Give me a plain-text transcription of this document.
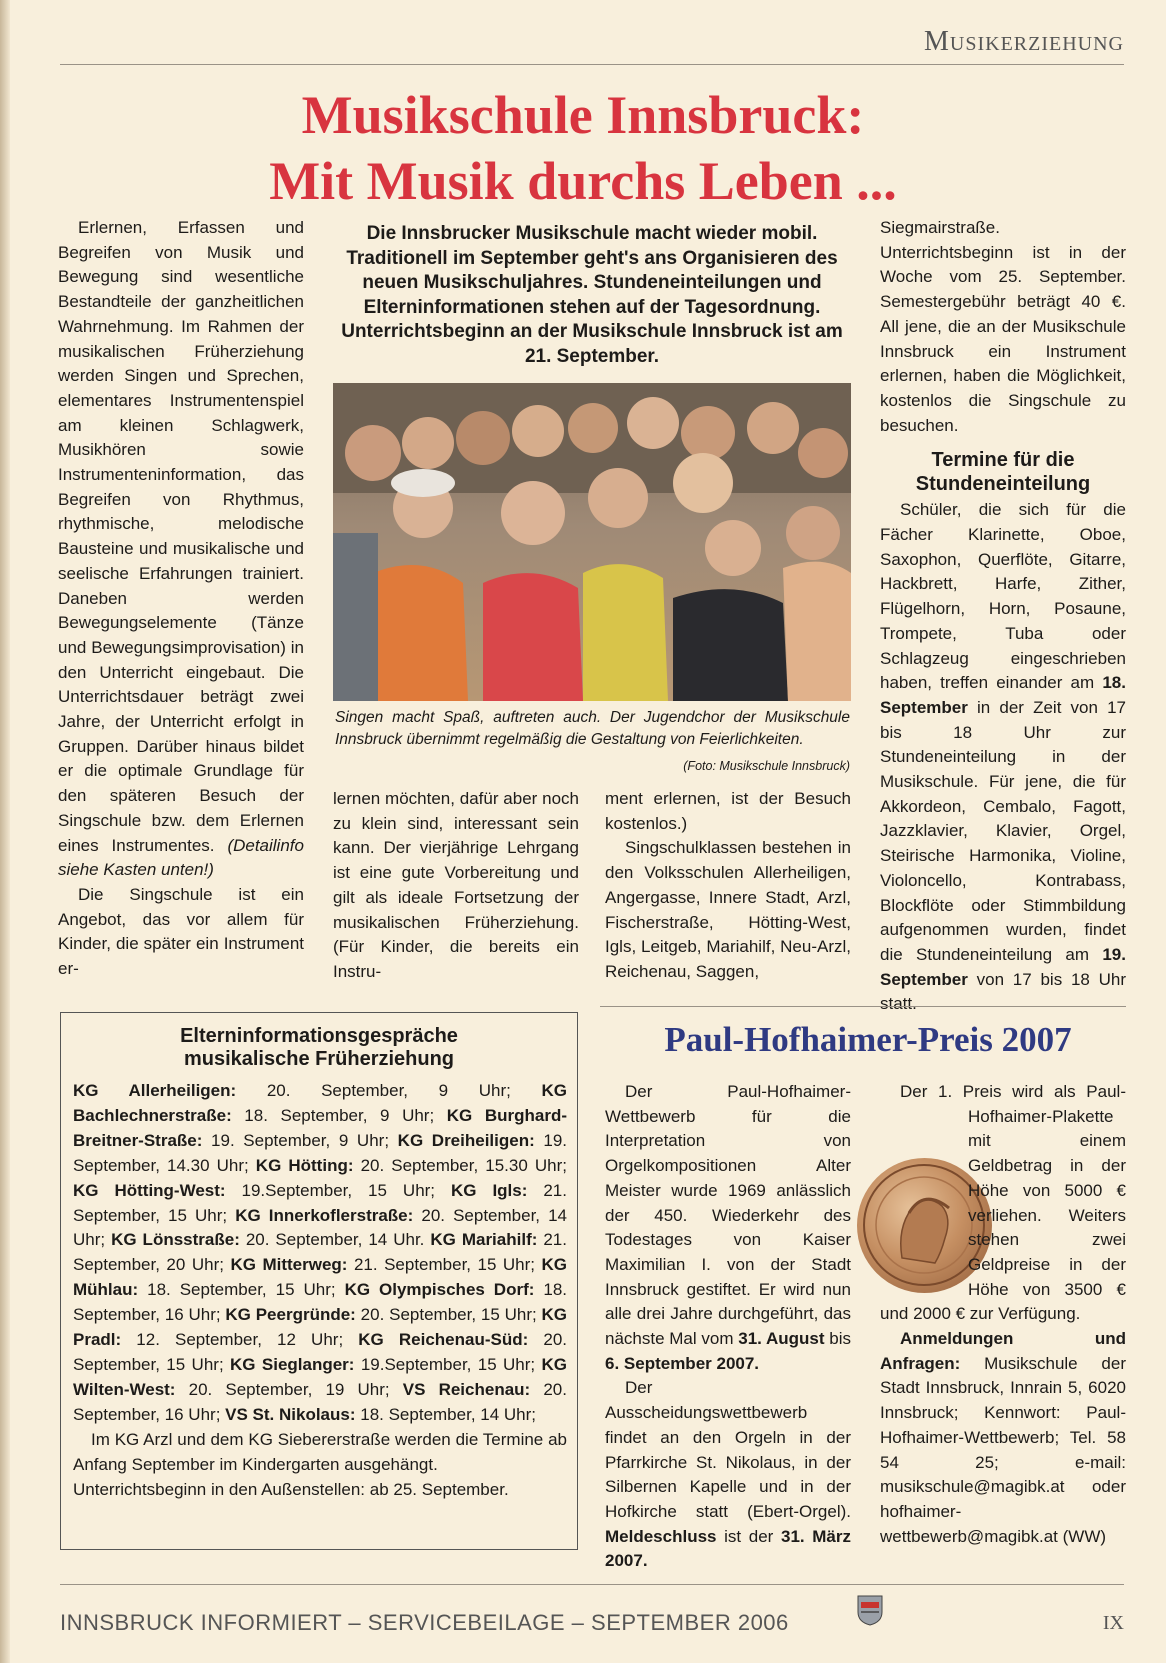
Musikerziehung
Musikschule Innsbruck:
Mit Musik durchs Leben ...

Erlernen, Erfassen und Begreifen von Musik und Bewegung sind wesentliche Bestandteile der ganzheitlichen Wahrnehmung. Im Rahmen der musikalischen Früherziehung werden Singen und Sprechen, elementares Instrumentenspiel am kleinen Schlagwerk, Musikhören sowie Instrumenteninformation, das Begreifen von Rhythmus, rhythmische, melodische Bausteine und musikalische und seelische Erfahrungen trainiert. Daneben werden Bewegungselemente (Tänze und Bewegungsimprovisation) in den Unterricht eingebaut. Die Unterrichtsdauer beträgt zwei Jahre, der Unterricht erfolgt in Gruppen. Darüber hinaus bildet er die optimale Grundlage für den späteren Besuch der Singschule bzw. dem Erlernen eines Instrumentes. (Detailinfo siehe Kasten unten!)

Die Singschule ist ein Angebot, das vor allem für Kinder, die später ein Instrument er-

Die Innsbrucker Musikschule macht wieder mobil. Traditionell im September geht's ans Organisieren des neuen Musikschuljahres. Stundeneinteilungen und Elterninformationen stehen auf der Tagesordnung. Unterrichtsbeginn an der Musikschule Innsbruck ist am 21. September.
Singen macht Spaß, auftreten auch. Der Jugendchor der Musikschule Innsbruck übernimmt regelmäßig die Gestaltung von Feierlichkeiten.
(Foto: Musikschule Innsbruck)

lernen möchten, dafür aber noch zu klein sind, interessant sein kann. Der vierjährige Lehrgang ist eine gute Vorbereitung und gilt als ideale Fortsetzung der musikalischen Früherziehung. (Für Kinder, die bereits ein Instru-

ment erlernen, ist der Besuch kostenlos.)

Singschulklassen bestehen in den Volksschulen Allerheiligen, Angergasse, Innere Stadt, Arzl, Fischerstraße, Hötting-West, Igls, Leitgeb, Mariahilf, Neu-Arzl, Reichenau, Saggen,

Siegmairstraße. Unterrichtsbeginn ist in der Woche vom 25. September. Semestergebühr beträgt 40 €. All jene, die an der Musikschule Innsbruck ein Instrument erlernen, haben die Möglichkeit, kostenlos die Singschule zu besuchen.

Termine für die Stundeneinteilung

Schüler, die sich für die Fächer Klarinette, Oboe, Saxophon, Querflöte, Gitarre, Hackbrett, Harfe, Zither, Flügelhorn, Horn, Posaune, Trompete, Tuba oder Schlagzeug eingeschrieben haben, treffen einander am 18. September in der Zeit von 17 bis 18 Uhr zur Stundeneinteilung in der Musikschule. Für jene, die für Akkordeon, Cembalo, Fagott, Jazzklavier, Klavier, Orgel, Steirische Harmonika, Violine, Violoncello, Kontrabass, Blockflöte oder Stimmbildung aufgenommen wurden, findet die Stundeneinteilung am 19. September von 17 bis 18 Uhr statt.

Elterninformationsgespräche
musikalische Früherziehung
KG Allerheiligen: 20. September, 9 Uhr; KG Bachlechnerstraße: 18. September, 9 Uhr; KG Burghard-Breitner-Straße: 19. September, 9 Uhr; KG Dreiheiligen: 19. September, 14.30 Uhr; KG Hötting: 20. September, 15.30 Uhr; KG Hötting-West: 19.September, 15 Uhr; KG Igls: 21. September, 15 Uhr; KG Innerkoflerstraße: 20. September, 14 Uhr; KG Lönsstraße: 20. September, 14 Uhr. KG Mariahilf: 21. September, 20 Uhr; KG Mitterweg: 21. September, 15 Uhr; KG Mühlau: 18. September, 15 Uhr; KG Olympisches Dorf: 18. September, 16 Uhr; KG Peergründe: 20. September, 15 Uhr; KG Pradl: 12. September, 12 Uhr; KG Reichenau-Süd: 20. September, 15 Uhr; KG Sieglanger: 19.September, 15 Uhr; KG Wilten-West: 20. September, 19 Uhr; VS Reichenau: 20. September, 16 Uhr; VS St. Nikolaus: 18. September, 14 Uhr;
Im KG Arzl und dem KG Siebererstraße werden die Termine ab Anfang September im Kindergarten ausgehängt.
Unterrichtsbeginn in den Außenstellen: ab 25. September.
Paul-Hofhaimer-Preis 2007

Der Paul-Hofhaimer-Wettbewerb für die Interpretation von Orgelkompositionen Alter Meister wurde 1969 anlässlich der 450. Wiederkehr des Todestages von Kaiser Maximilian I. von der Stadt Innsbruck gestiftet. Er wird nun alle drei Jahre durchgeführt, das nächste Mal vom 31. August bis 6. September 2007.

Der Ausscheidungswettbewerb findet an den Orgeln in der Pfarrkirche St. Nikolaus, in der Silbernen Kapelle und in der Hofkirche statt (Ebert-Orgel). Meldeschluss ist der 31. März 2007.

Der 1. Preis wird als Paul-Hofhaimer-Plakette mit einem Geldbetrag in der Höhe von 5000 € verliehen. Weiters stehen zwei Geldpreise in der Höhe von 3500 € und 2000 € zur Verfügung.

Anmeldungen und Anfragen: Musikschule der Stadt Innsbruck, Innrain 5, 6020 Innsbruck; Kennwort: Paul-Hofhaimer-Wettbewerb; Tel. 58 54 25; e-mail: musikschule@magibk.at oder hofhaimer-wettbewerb@magibk.at (WW)

INNSBRUCK INFORMIERT – SERVICEBEILAGE – SEPTEMBER 2006	IX
